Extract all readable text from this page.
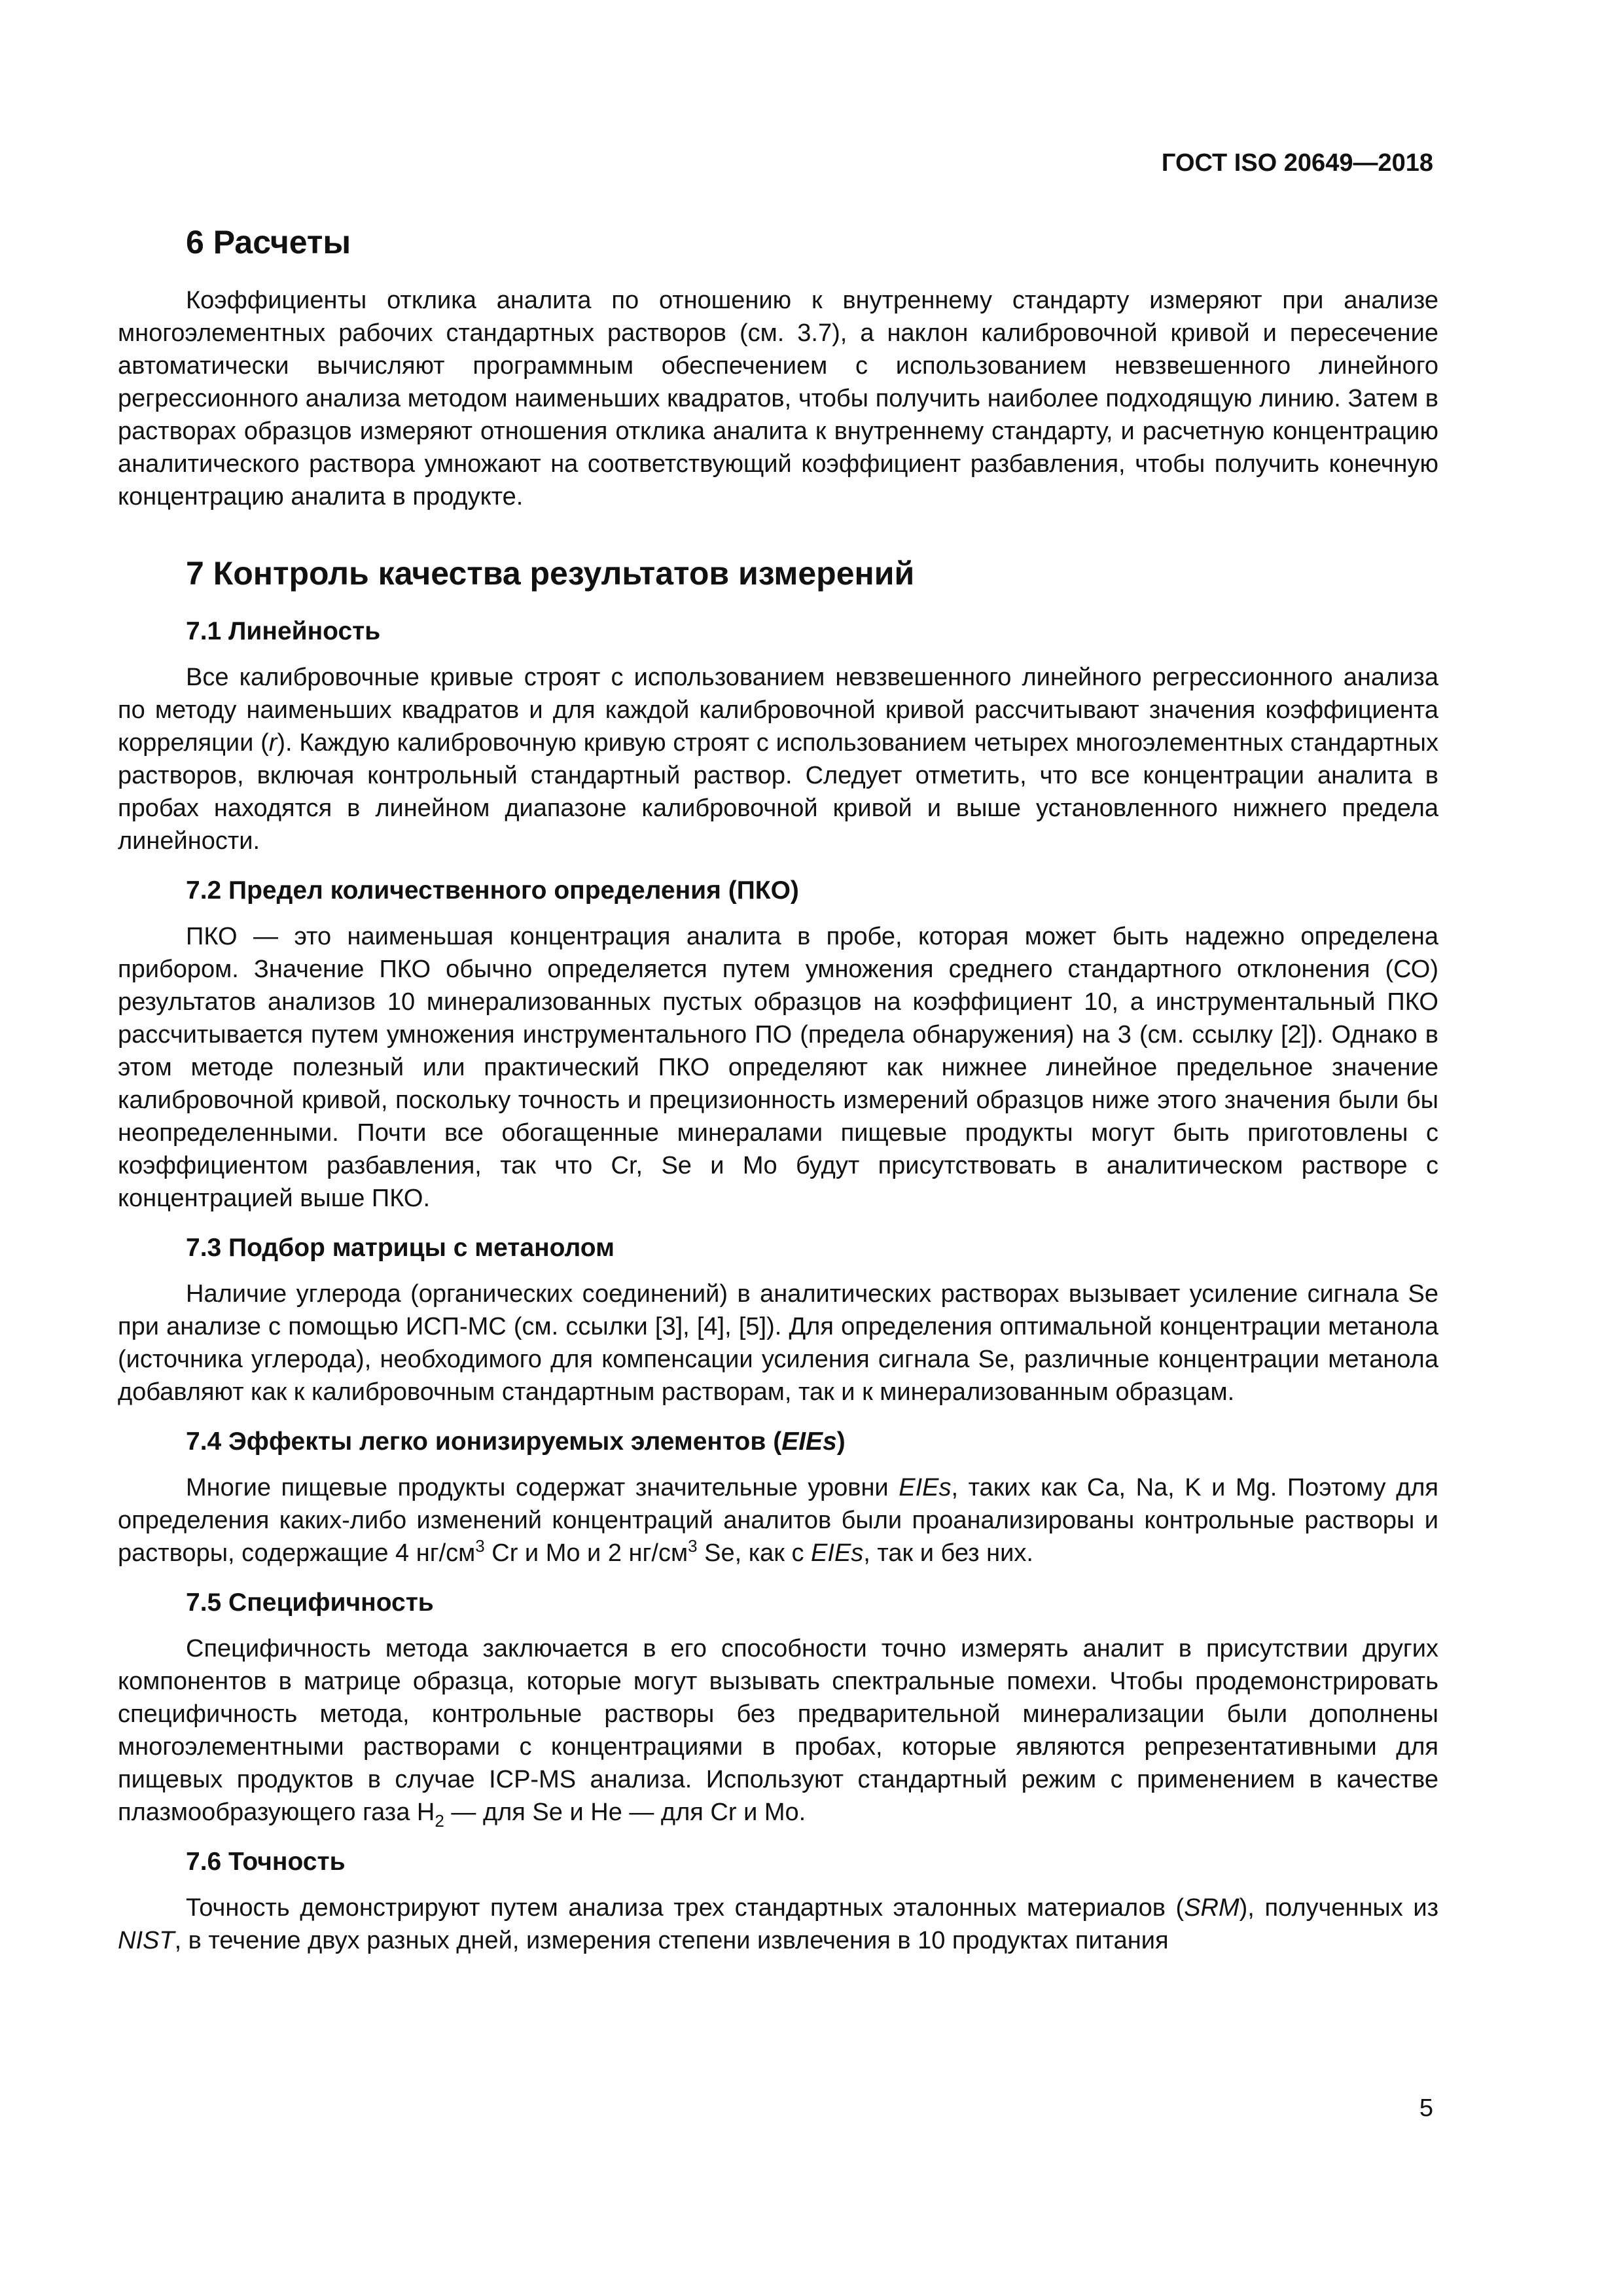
ГОСТ ISO 20649—2018
6 Расчеты

Коэффициенты отклика аналита по отношению к внутреннему стандарту измеряют при анализе многоэлементных рабочих стандартных растворов (см. 3.7), а наклон калибровочной кривой и пересечение автоматически вычисляют программным обеспечением с использованием невзвешенного линейного регрессионного анализа методом наименьших квадратов, чтобы получить наиболее подходящую линию. Затем в растворах образцов измеряют отношения отклика аналита к внутреннему стандарту, и расчетную концентрацию аналитического раствора умножают на соответствующий коэффициент разбавления, чтобы получить конечную концентрацию аналита в продукте.

7 Контроль качества результатов измерений
7.1 Линейность

Все калибровочные кривые строят с использованием невзвешенного линейного регрессионного анализа по методу наименьших квадратов и для каждой калибровочной кривой рассчитывают значения коэффициента корреляции (r). Каждую калибровочную кривую строят с использованием четырех многоэлементных стандартных растворов, включая контрольный стандартный раствор. Следует отметить, что все концентрации аналита в пробах находятся в линейном диапазоне калибровочной кривой и выше установленного нижнего предела линейности.

7.2 Предел количественного определения (ПКО)

ПКО — это наименьшая концентрация аналита в пробе, которая может быть надежно определена прибором. Значение ПКО обычно определяется путем умножения среднего стандартного отклонения (СО) результатов анализов 10 минерализованных пустых образцов на коэффициент 10, а инструментальный ПКО рассчитывается путем умножения инструментального ПО (предела обнаружения) на 3 (см. ссылку [2]). Однако в этом методе полезный или практический ПКО определяют как нижнее линейное предельное значение калибровочной кривой, поскольку точность и прецизионность измерений образцов ниже этого значения были бы неопределенными. Почти все обогащенные минералами пищевые продукты могут быть приготовлены с коэффициентом разбавления, так что Cr, Se и Mo будут присутствовать в аналитическом растворе с концентрацией выше ПКО.

7.3 Подбор матрицы с метанолом

Наличие углерода (органических соединений) в аналитических растворах вызывает усиление сигнала Se при анализе с помощью ИСП-МС (см. ссылки [3], [4], [5]). Для определения оптимальной концентрации метанола (источника углерода), необходимого для компенсации усиления сигнала Se, различные концентрации метанола добавляют как к калибровочным стандартным растворам, так и к минерализованным образцам.

7.4 Эффекты легко ионизируемых элементов (EIEs)

Многие пищевые продукты содержат значительные уровни EIEs, таких как Ca, Na, K и Mg. Поэтому для определения каких-либо изменений концентраций аналитов были проанализированы контрольные растворы и растворы, содержащие 4 $нг/см^3$ Cr и Mo и 2 $нг/см^3$ Se, как с EIEs, так и без них.

7.5 Специфичность

Специфичность метода заключается в его способности точно измерять аналит в присутствии других компонентов в матрице образца, которые могут вызывать спектральные помехи. Чтобы продемонстрировать специфичность метода, контрольные растворы без предварительной минерализации были дополнены многоэлементными растворами с концентрациями в пробах, которые являются репрезентативными для пищевых продуктов в случае ICP-MS анализа. Используют стандартный режим с применением в качестве плазмообразующего газа $H_2$ — для Se и He — для Cr и Mo.

7.6 Точность

Точность демонстрируют путем анализа трех стандартных эталонных материалов (SRM), полученных из NIST, в течение двух разных дней, измерения степени извлечения в 10 продуктах питания

5
